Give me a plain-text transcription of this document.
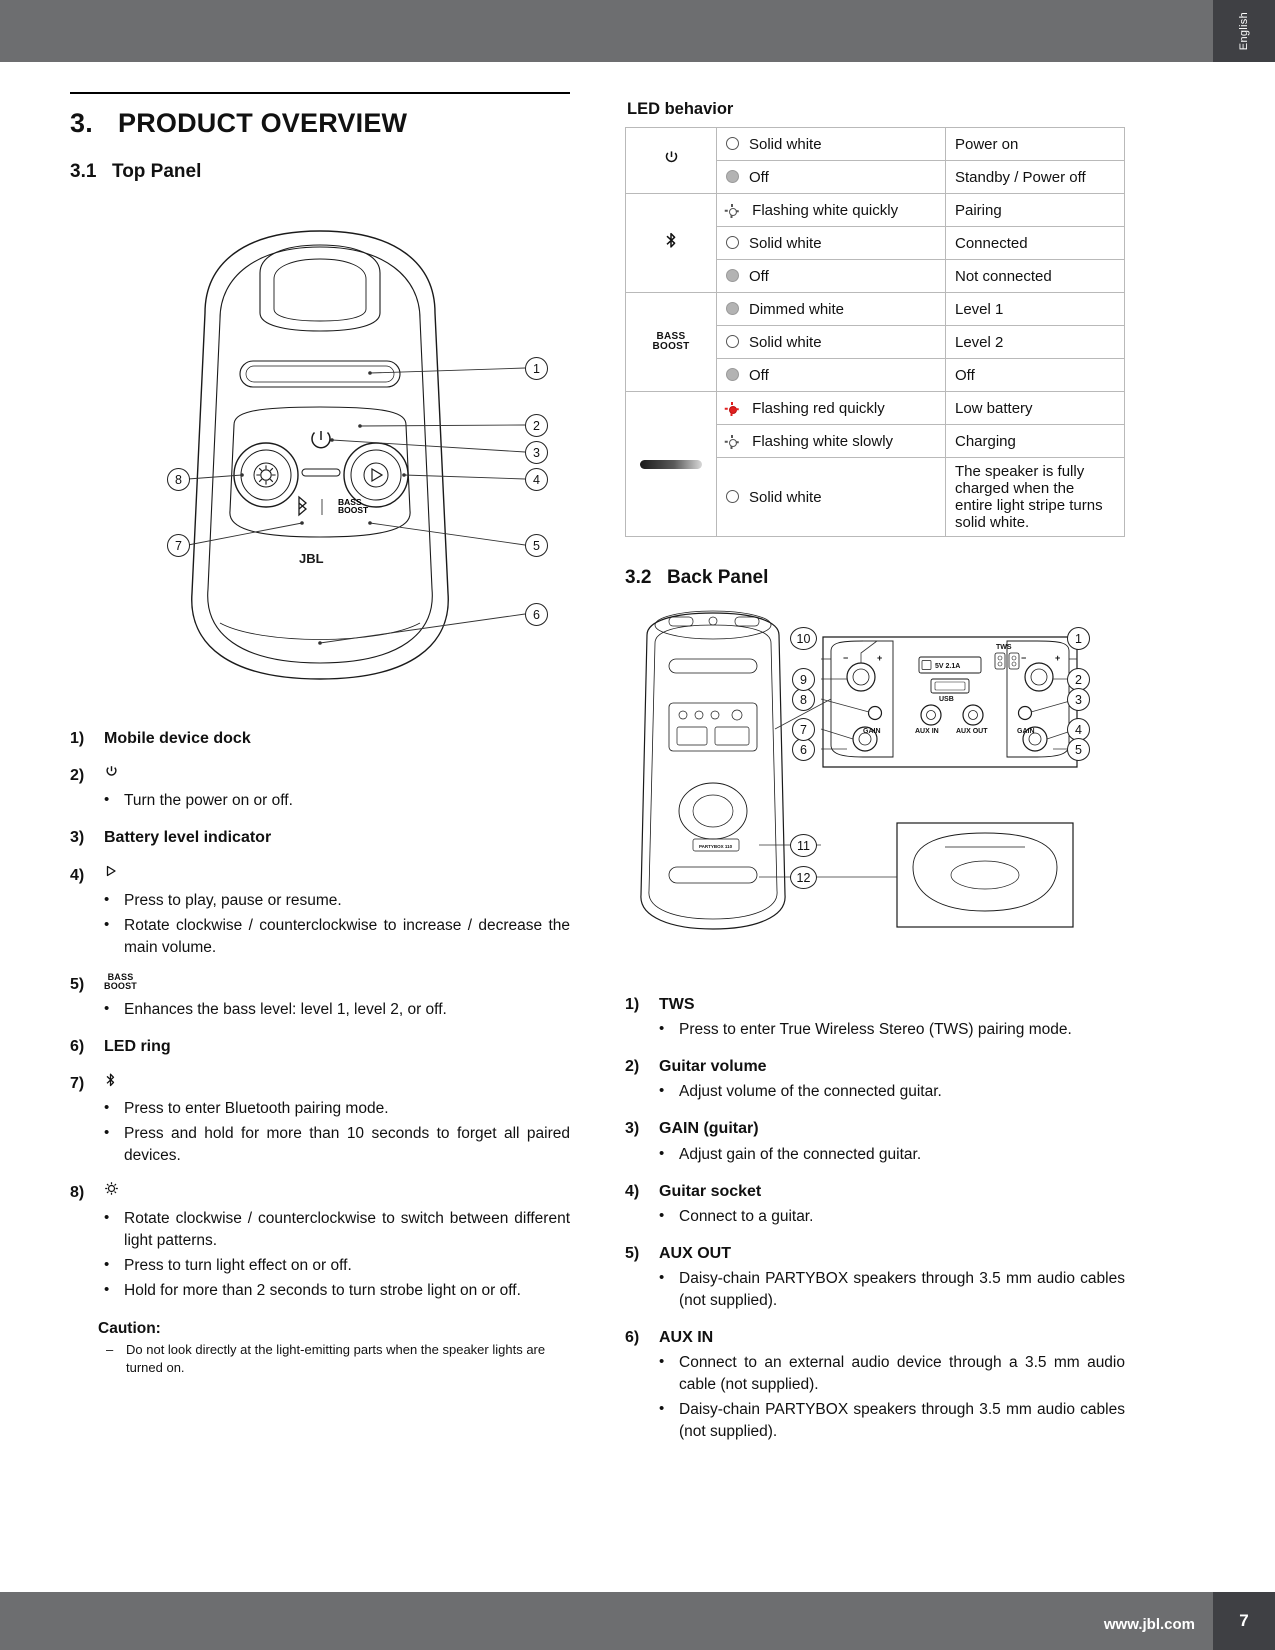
English
3. PRODUCT OVERVIEW
3.1 Top Panel
BASS
BOOST
JBL
1
2
3
4
5
6
7
8
1)	Mobile device dock
2)
• Turn the power on or off.
3)	Battery level indicator
4)
• Press to play, pause or resume.
• Rotate clockwise / counterclockwise to increase / decrease the main volume.
5)	BASS
BOOST
• Enhances the bass level: level 1, level 2, or off.
6)	LED ring
7)
• Press to enter Bluetooth pairing mode.
• Press and hold for more than 10 seconds to forget all paired devices.
8)
• Rotate clockwise / counterclockwise to switch between different light patterns.
• Press to turn light effect on or off.
• Hold for more than 2 seconds to turn strobe light on or off.
Caution:
– Do not look directly at the light-emitting parts when the speaker lights are turned on.
LED behavior
	Solid white	Power on
	Off	Standby / Power off

Flashing white quickly	Pairing
	Solid white	Connected
	Off	Not connected

BASS
BOOST	Dimmed white	Level 1
	Solid white	Level 2
	Off	Off

Flashing red quickly	Low battery

Flashing white slowly	Charging
	Solid white	The speaker is fully charged when the entire light stripe turns solid white.
3.2 Back Panel
5V 2.1A
USB
TWS
GAIN	GAIN
AUX IN AUX OUT
−	+	−	+
PARTYBOX 110
1
2
3
4
5
6
7
8
9
10
11
12
1)	TWS
• Press to enter True Wireless Stereo (TWS) pairing mode.
2)	Guitar volume
• Adjust volume of the connected guitar.
3)	GAIN (guitar)
• Adjust gain of the connected guitar.
4)	Guitar socket
• Connect to a guitar.
5)	AUX OUT
• Daisy-chain PARTYBOX speakers through 3.5 mm audio cables (not supplied).
6)	AUX IN
• Connect to an external audio device through a 3.5 mm audio cable (not supplied).
• Daisy-chain PARTYBOX speakers through 3.5 mm audio cables (not supplied).
www.jbl.com	7
